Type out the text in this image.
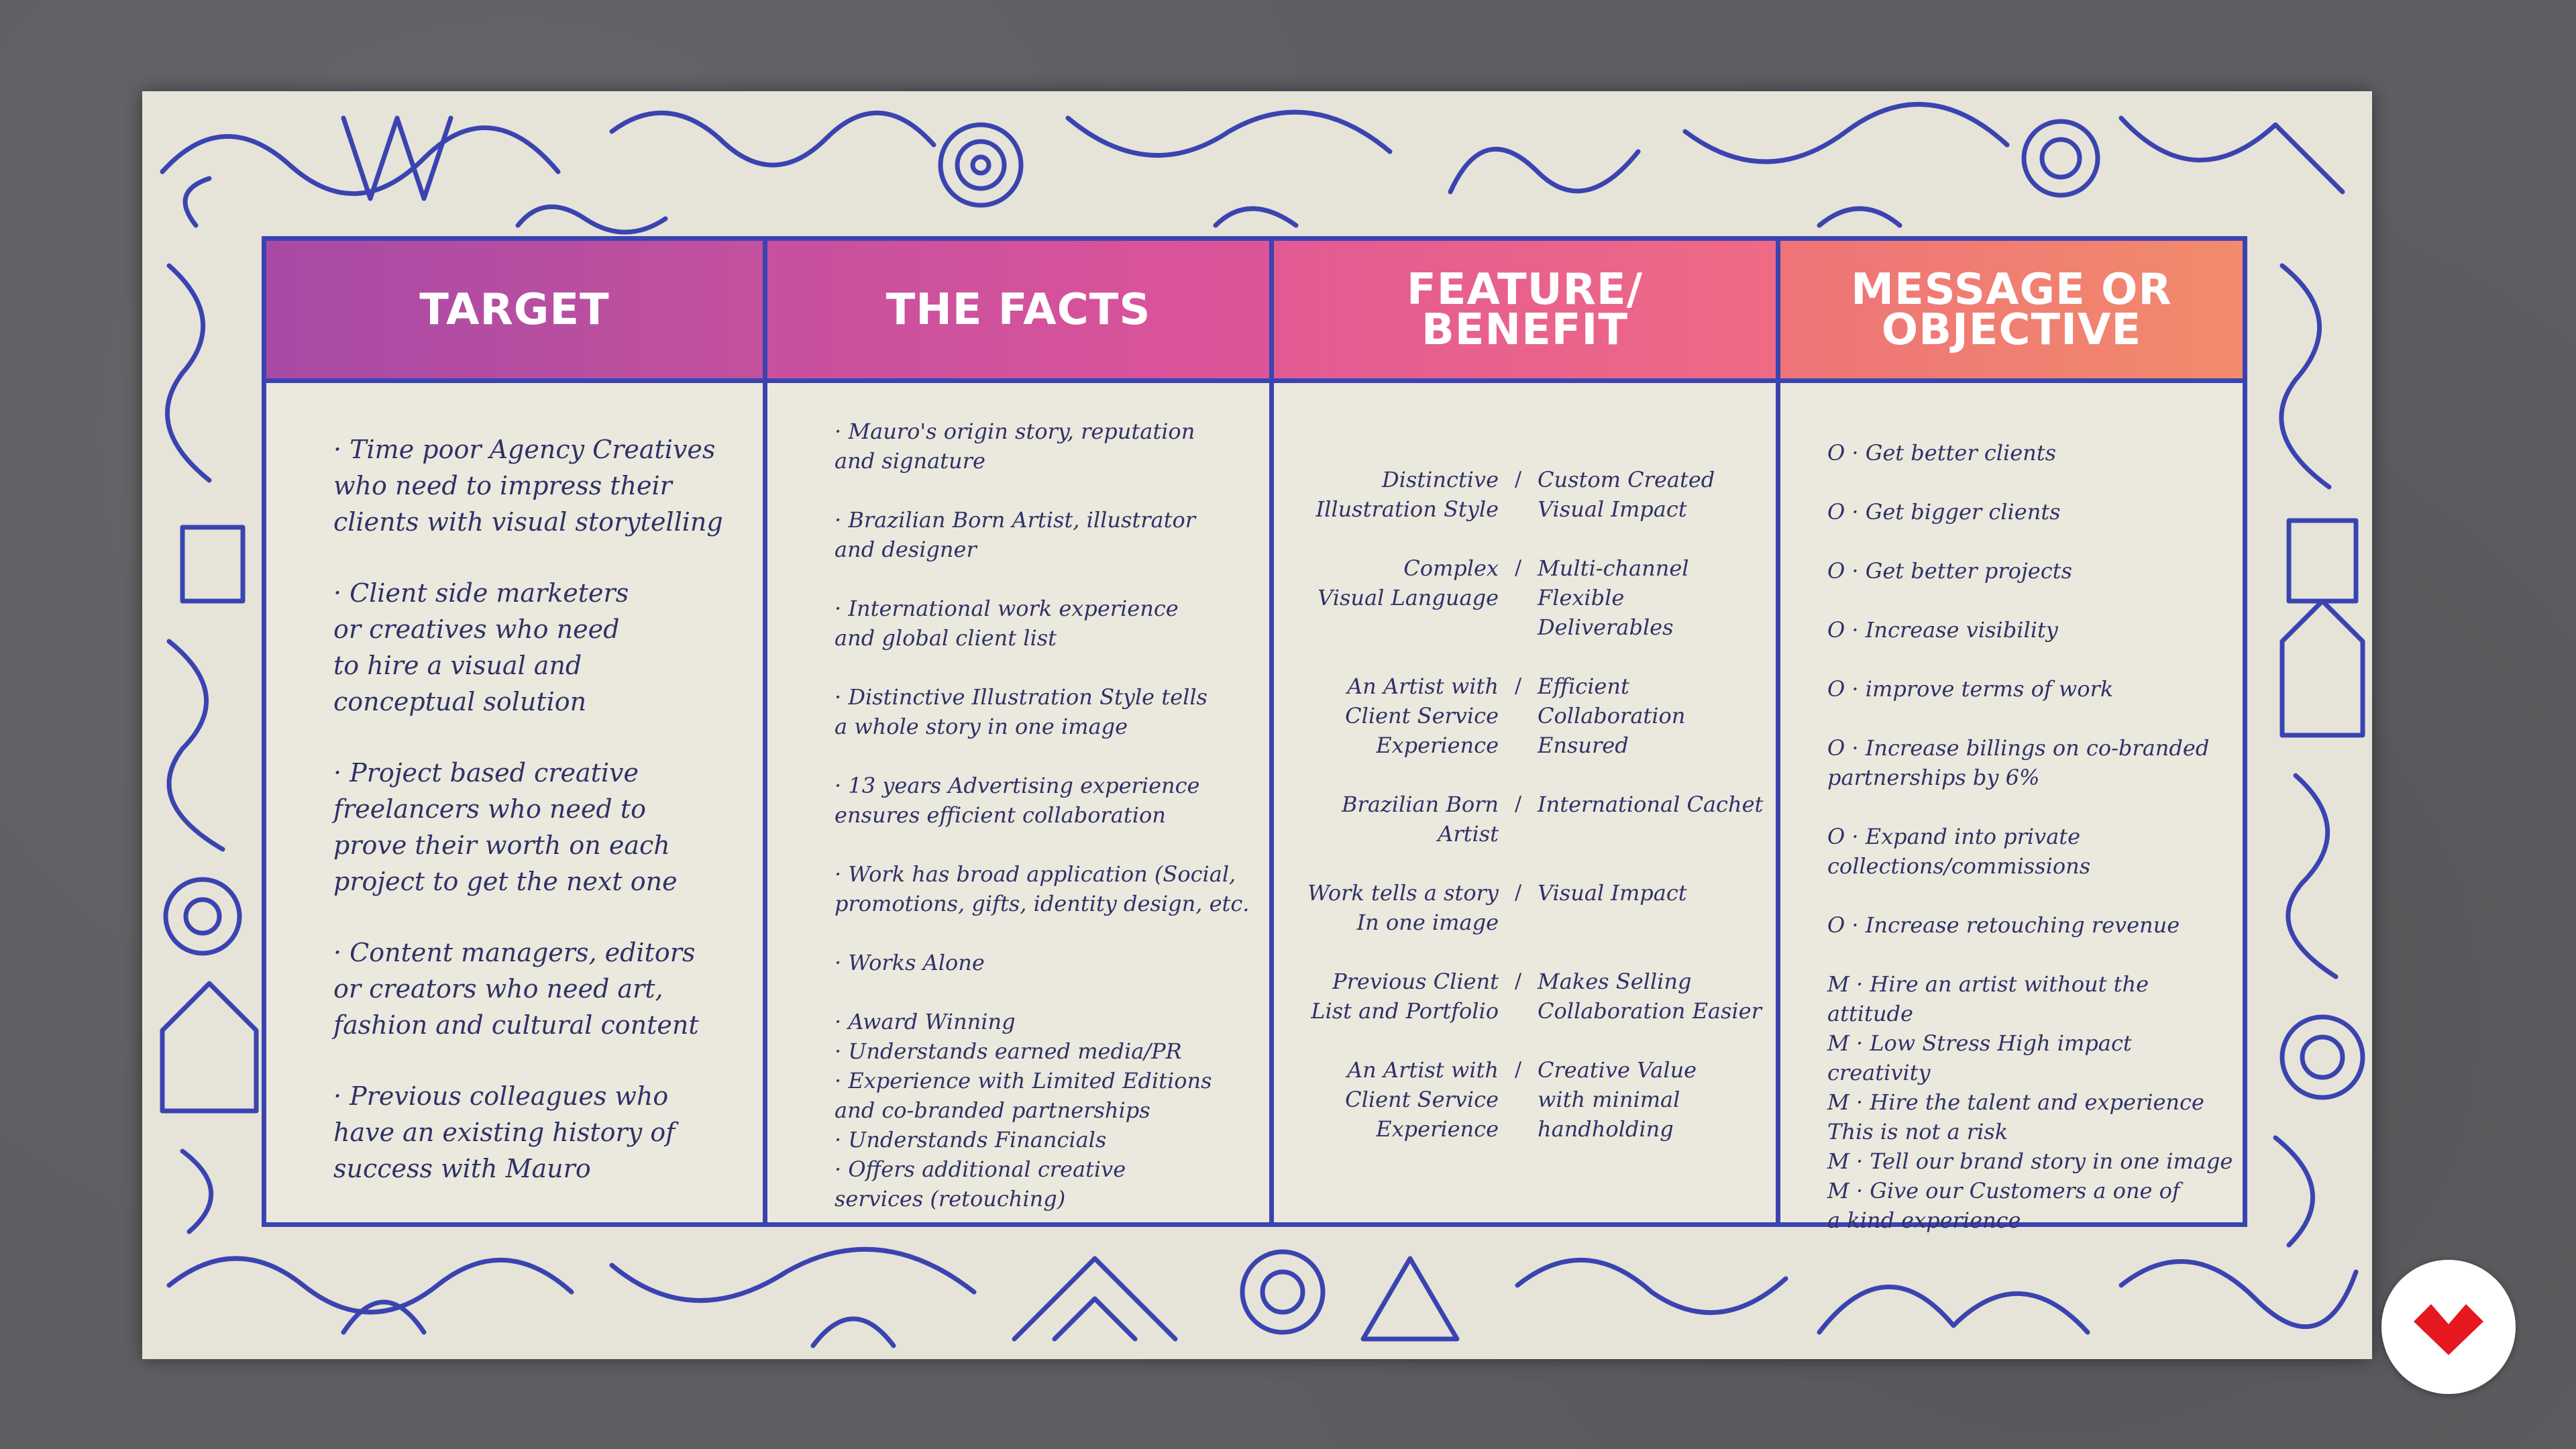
TARGET
· Time poor Agency Creatives
who need to impress their
clients with visual storytelling
· Client side marketers
or creatives who need
to hire a visual and
conceptual solution
· Project based creative
freelancers who need to
prove their worth on each
project to get the next one
· Content managers, editors
or creators who need art,
fashion and cultural content
· Previous colleagues who
have an existing history of
success with Mauro
THE FACTS
· Mauro's origin story, reputation
and signature
· Brazilian Born Artist, illustrator
and designer
· International work experience
and global client list
· Distinctive Illustration Style tells
a whole story in one image
· 13 years Advertising experience
ensures efficient collaboration
· Work has broad application (Social,
promotions, gifts, identity design, etc.
· Works Alone
· Award Winning
· Understands earned media/PR
· Experience with Limited Editions
and co-branded partnerships
· Understands Financials
· Offers additional creative
services (retouching)
FEATURE/
BENEFIT
Distinctive
Illustration Style
/ Custom Created
Visual Impact
Complex
Visual Language
/ Multi-channel Flexible
Deliverables
An Artist with
Client Service
Experience
/ Efficient
Collaboration
Ensured
Brazilian Born
Artist
/ International Cachet
Work tells a story
In one image
/ Visual Impact
Previous Client
List and Portfolio
/ Makes Selling
Collaboration Easier
An Artist with
Client Service
Experience
/ Creative Value
with minimal
handholding
MESSAGE OR
OBJECTIVE
O · Get better clients
O · Get bigger clients
O · Get better projects
O · Increase visibility
O · improve terms of work
O · Increase billings on co-branded
partnerships by 6%
O · Expand into private
collections/commissions
O · Increase retouching revenue
M · Hire an artist without the attitude
M · Low Stress High impact creativity
M · Hire the talent and experience
This is not a risk
M · Tell our brand story in one image
M · Give our Customers a one of
a kind experience
